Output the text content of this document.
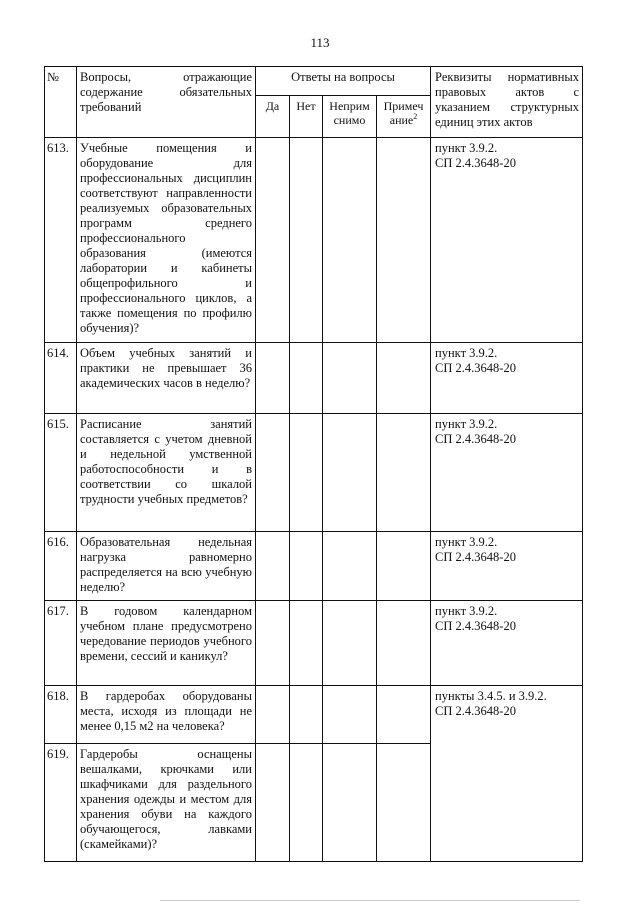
113
№	Вопросы, отражающие содержание обязательных требований	Ответы на вопросы				Реквизиты нормативных правовых актов с указанием структурных единиц этих актов
		Да	Нет	Неприм снимо	Примеч ание$^2$
613.	Учебные помещения и оборудование для профессиональных дисциплин соответствуют направленности реализуемых образовательных программ среднего профессионального образования (имеются лаборатории и кабинеты общепрофильного и профессионального циклов, а также помещения по профилю обучения)?					пункт 3.9.2.
СП 2.4.3648-20

614.	Объем учебных занятий и практики не превышает 36 академических часов в неделю?					пункт 3.9.2.
СП 2.4.3648-20

615.	Расписание занятий составляется с учетом дневной и недельной умственной работоспособности и в соответствии со шкалой трудности учебных предметов?					пункт 3.9.2.
СП 2.4.3648-20

616.	Образовательная недельная нагрузка равномерно распределяется на всю учебную неделю?					пункт 3.9.2.
СП 2.4.3648-20

617.	В годовом календарном учебном плане предусмотрено чередование периодов учебного времени, сессий и каникул?					пункт 3.9.2.
СП 2.4.3648-20

618.	В гардеробах оборудованы места, исходя из площади не менее 0,15 м2 на человека?					пункты 3.4.5. и 3.9.2.
СП 2.4.3648-20

619.	Гардеробы оснащены вешалками, крючками или шкафчиками для раздельного хранения одежды и местом для хранения обуви на каждого обучающегося, лавками (скамейками)?					
